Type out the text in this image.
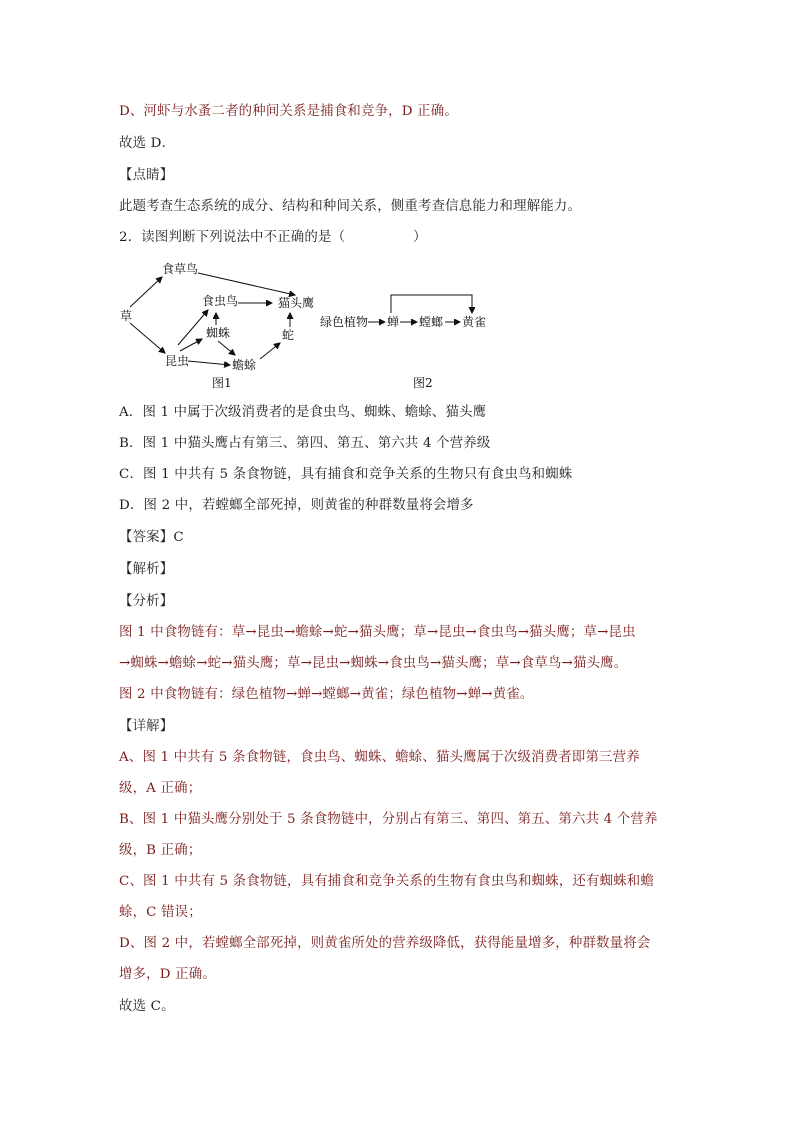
D、河虾与水蚤二者的种间关系是捕食和竞争，D 正确。
故选 D．
【点睛】
此题考查生态系统的成分、结构和种间关系，侧重考查信息能力和理解能力。
2．读图判断下列说法中不正确的是（　　　　　）
草
食草鸟
食虫鸟	猫头鹰
蜘蛛	蛇
昆虫	蟾蜍
图1
绿色植物 蝉 螳螂 黄雀
图2
A．图 1 中属于次级消费者的是食虫鸟、蜘蛛、蟾蜍、猫头鹰
B．图 1 中猫头鹰占有第三、第四、第五、第六共 4 个营养级
C．图 1 中共有 5 条食物链，具有捕食和竞争关系的生物只有食虫鸟和蜘蛛
D．图 2 中，若螳螂全部死掉，则黄雀的种群数量将会增多
【答案】C
【解析】
【分析】
图 1 中食物链有：草→昆虫→蟾蜍→蛇→猫头鹰；草→昆虫→食虫鸟→猫头鹰；草→昆虫
→蜘蛛→蟾蜍→蛇→猫头鹰；草→昆虫→蜘蛛→食虫鸟→猫头鹰；草→食草鸟→猫头鹰。
图 2 中食物链有：绿色植物→蝉→螳螂→黄雀；绿色植物→蝉→黄雀。
【详解】
A、图 1 中共有 5 条食物链，食虫鸟、蜘蛛、蟾蜍、猫头鹰属于次级消费者即第三营养
级，A 正确；
B、图 1 中猫头鹰分别处于 5 条食物链中，分别占有第三、第四、第五、第六共 4 个营养
级，B 正确；
C、图 1 中共有 5 条食物链，具有捕食和竞争关系的生物有食虫鸟和蜘蛛，还有蜘蛛和蟾
蜍，C 错误；
D、图 2 中，若螳螂全部死掉，则黄雀所处的营养级降低，获得能量增多，种群数量将会
增多，D 正确。
故选 C。
